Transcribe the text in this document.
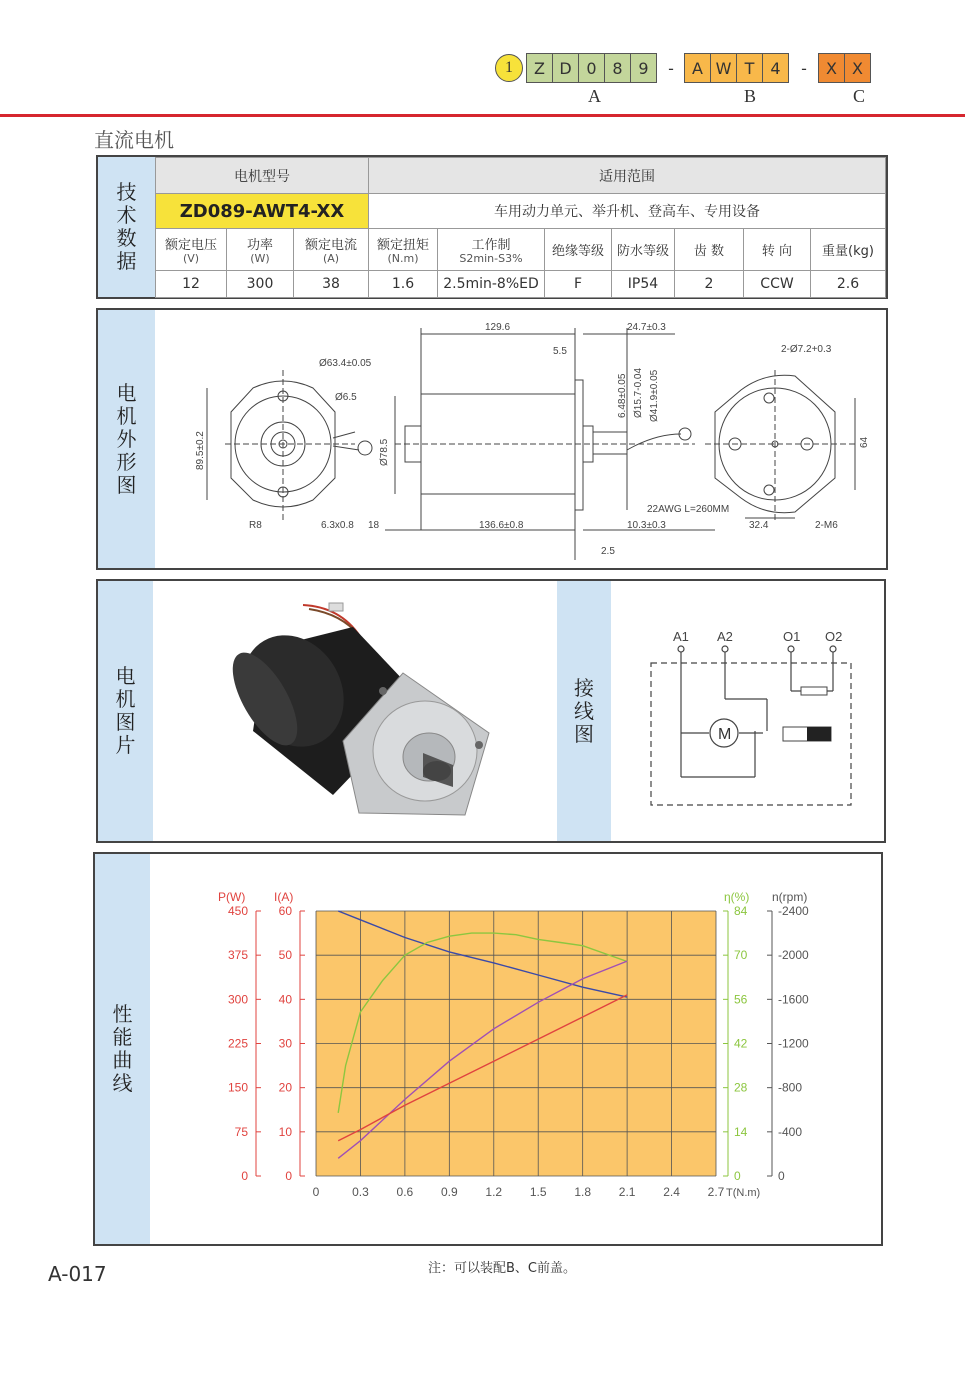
1	Z D 0 8 9	-	A W T	4	-	X X
A	B	C
直流电机
技
术
数
据
电机型号			适用范围						
ZD089-AWT4-XX			车用动力单元、举升机、登高车、专用设备						
额定电压
(V)	功率
(W)	额定电流
(A)	额定扭矩
(N.m)	工作制
S2min-S3%	绝缘等级	防水等级	齿 数	转 向	重量(kg)
12	300	38	1.6	2.5min-8%ED	F	IP54	2	CCW	2.6
电
机
外
形
图
Ø63.4±0.05
Ø6.5
89.5±0.2
R8	6.3x0.8
129.6	24.7±0.3
5.5
Ø78.5
6.48±0.05 Ø15.7-0.04 Ø41.9±0.05
18	136.6±0.8
22AWG L=260MM
10.3±0.3
2.5
2-Ø7.2+0.3
64
32.4	2-M6
电
机
图
片
接
线
图
A1 A2	O1 O2
M
性
能
曲
线
0	0.3 0.6 0.9 1.2 1.5 1.8 2.1 2.4 2.7
0
75
150
225
300
375
450
0
10
20
30
40
50
60
0
14
28
42
56
70
84
0
-400
-800
-1200
-1600
-2000
-2400
P(W) I(A)	η(%) n(rpm)
T(N.m)
注：可以装配B、C前盖。
A-017
